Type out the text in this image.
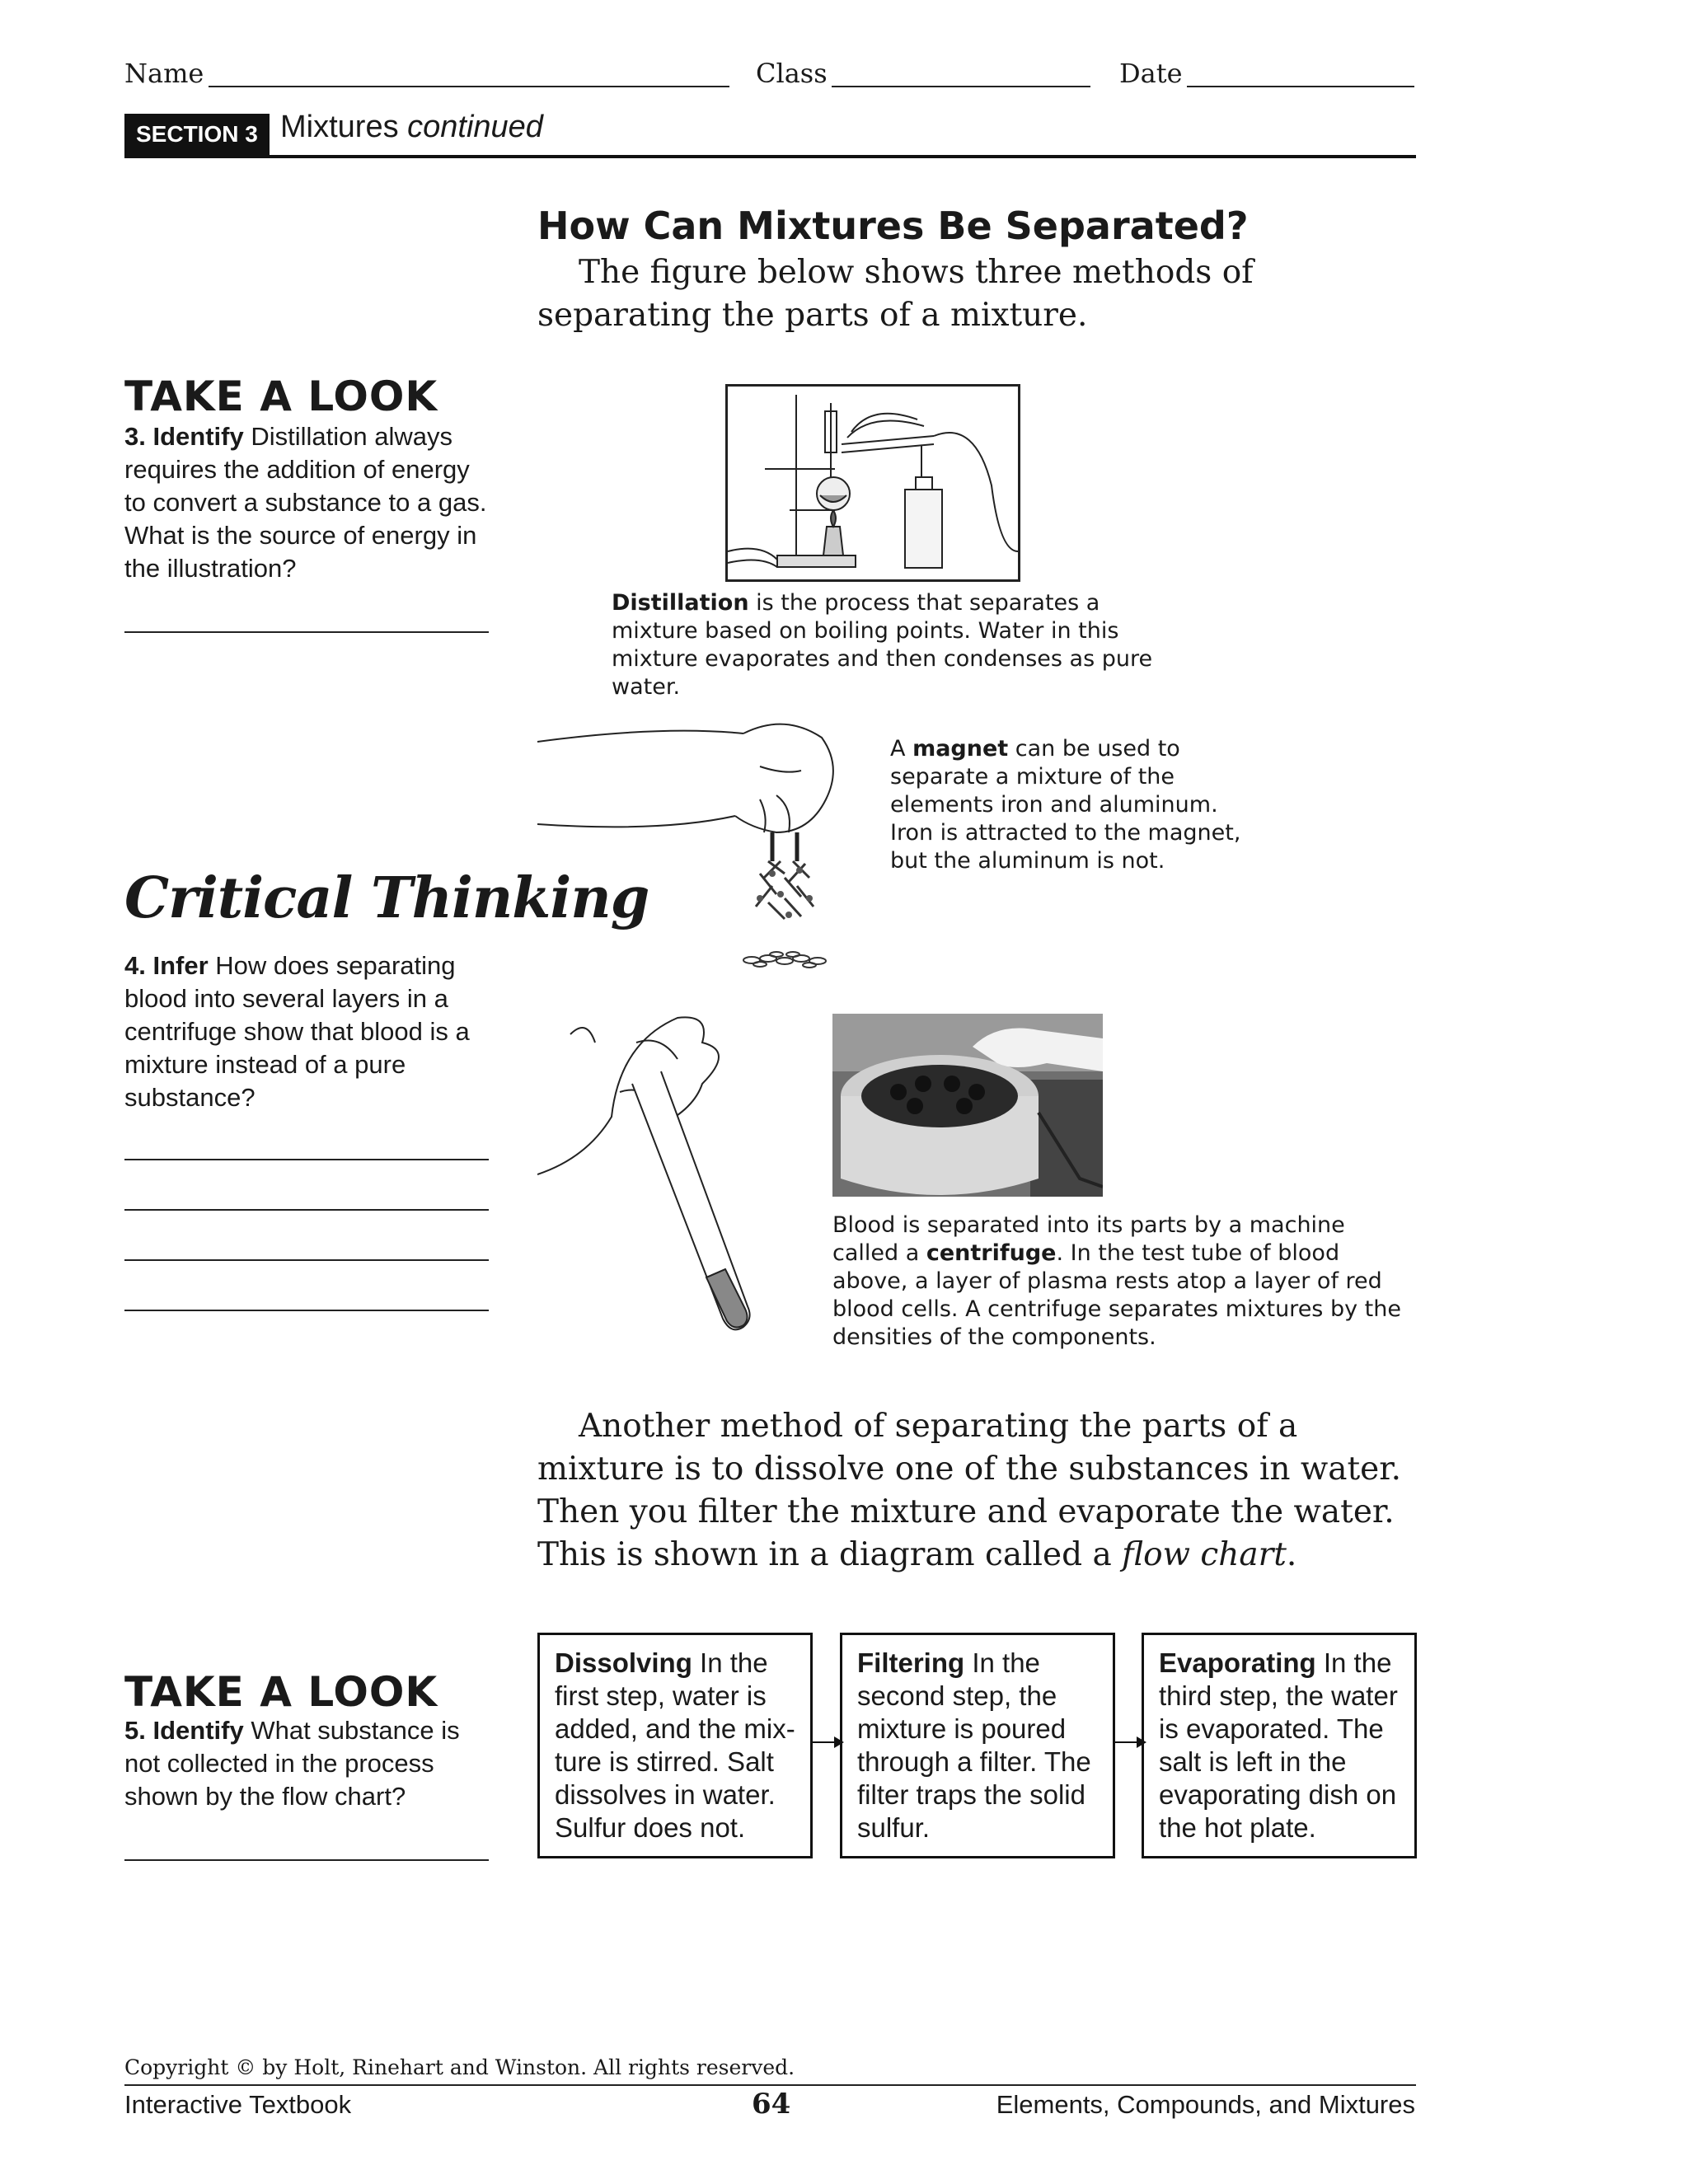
Name	Class	Date
SECTION 3 Mixtures continued
How Can Mixtures Be Separated?
The figure below shows three methods of separating the parts of a mixture.
TAKE A LOOK
3. Identify Distillation always requires the addition of energy to convert a substance to a gas. What is the source of energy in the illustration?
Distillation is the process that separates a mixture based on boiling points. Water in this mixture evaporates and then condenses as pure water.
A magnet can be used to separate a mixture of the elements iron and aluminum. Iron is attracted to the magnet, but the aluminum is not.
Critical Thinking
4. Infer How does separating blood into several layers in a centrifuge show that blood is a mixture instead of a pure substance?
Blood is separated into its parts by a machine called a centrifuge. In the test tube of blood above, a layer of plasma rests atop a layer of red blood cells. A centrifuge separates mixtures by the densities of the components.
Another method of separating the parts of a mixture is to dissolve one of the substances in water. Then you filter the mixture and evaporate the water. This is shown in a diagram called a flow chart.
TAKE A LOOK
5. Identify What substance is not collected in the process shown by the flow chart?
Dissolving In the first step, water is added, and the mix-ture is stirred. Salt dissolves in water. Sulfur does not.
Filtering In the second step, the mixture is poured through a filter. The filter traps the solid sulfur.
Evaporating In the third step, the water is evaporated. The salt is left in the evaporating dish on the hot plate.
Copyright © by Holt, Rinehart and Winston. All rights reserved.
Interactive Textbook	64	Elements, Compounds, and Mixtures
